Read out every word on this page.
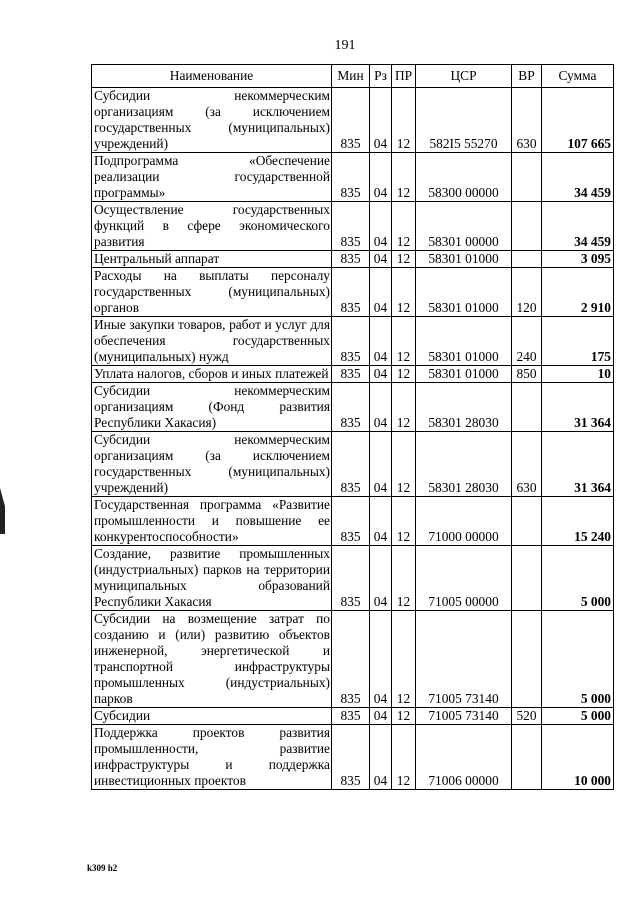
191
Наименование	Мин	Рз	ПР	ЦСР	ВР	Сумма
Субсидии некоммерческим организациям (за исключением государственных (муниципальных) учреждений)	835	04	12	582I5 55270	630	107 665
Подпрограмма «Обеспечение реализации государственной программы»	835	04	12	58300 00000		34 459
Осуществление государственных функций в сфере экономического развития	835	04	12	58301 00000		34 459
Центральный аппарат	835	04	12	58301 01000		3 095
Расходы на выплаты персоналу государственных (муниципальных) органов	835	04	12	58301 01000	120	2 910
Иные закупки товаров, работ и услуг для обеспечения государственных (муниципальных) нужд	835	04	12	58301 01000	240	175
Уплата налогов, сборов и иных платежей	835	04	12	58301 01000	850	10
Субсидии некоммерческим организациям (Фонд развития Республики Хакасия)	835	04	12	58301 28030		31 364
Субсидии некоммерческим организациям (за исключением государственных (муниципальных) учреждений)	835	04	12	58301 28030	630	31 364
Государственная программа «Развитие промышленности и повышение ее конкурентоспособности»	835	04	12	71000 00000		15 240
Создание, развитие промышленных (индустриальных) парков на территории муниципальных образований Республики Хакасия	835	04	12	71005 00000		5 000
Субсидии на возмещение затрат по созданию и (или) развитию объектов инженерной, энергетической и транспортной инфраструктуры промышленных (индустриальных) парков	835	04	12	71005 73140		5 000
Субсидии	835	04	12	71005 73140	520	5 000
Поддержка проектов развития промышленности, развитие инфраструктуры и поддержка инвестиционных проектов	835	04	12	71006 00000		10 000
k309 h2
